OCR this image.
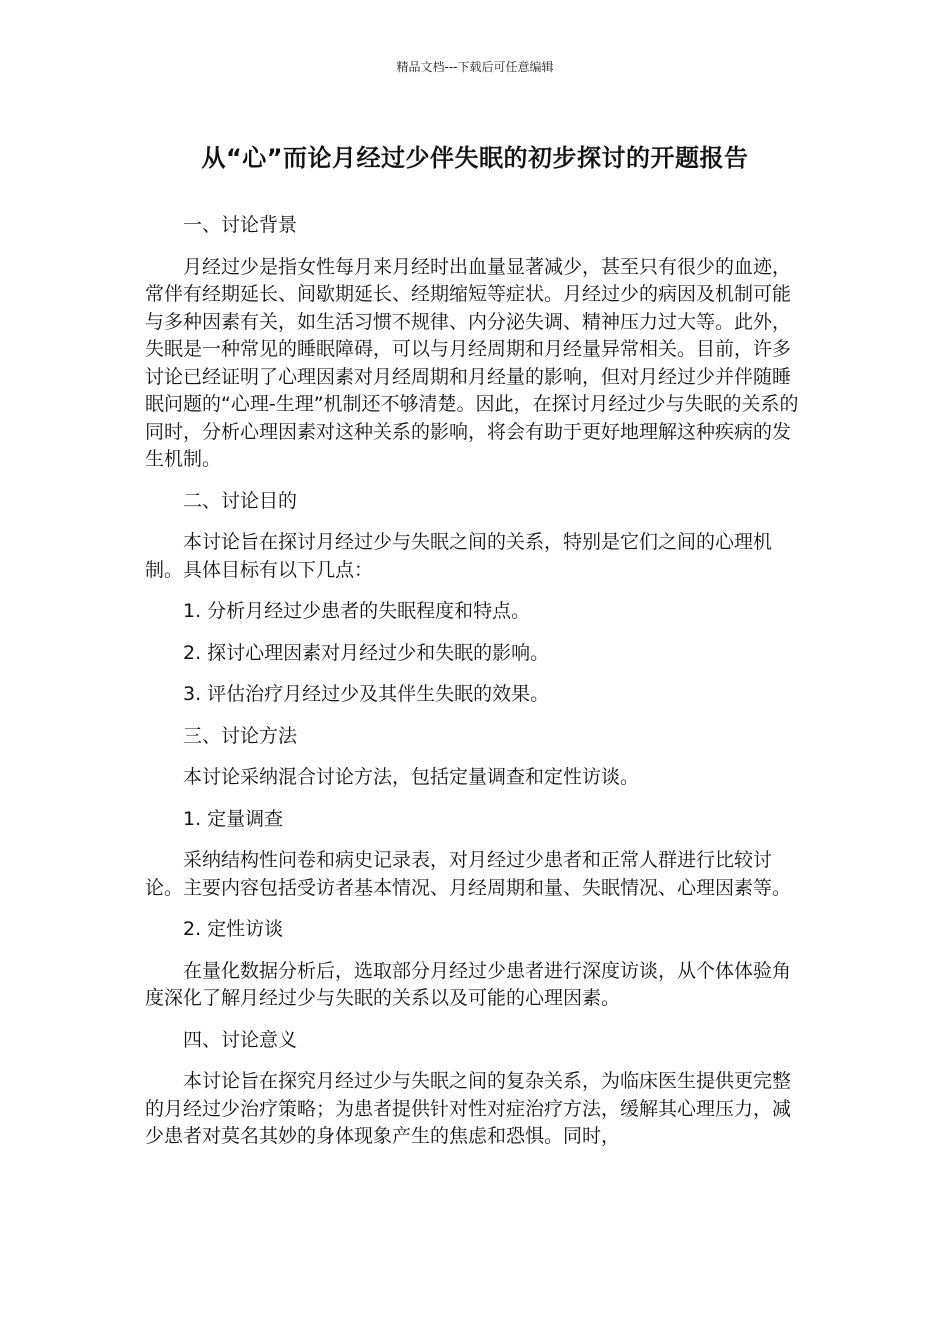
精品文档---下载后可任意编辑
从“心”而论月经过少伴失眠的初步探讨的开题报告

一、讨论背景

月经过少是指女性每月来月经时出血量显著减少，甚至只有很少的血迹，常伴有经期延长、间歇期延长、经期缩短等症状。月经过少的病因及机制可能与多种因素有关，如生活习惯不规律、内分泌失调、精神压力过大等。此外，失眠是一种常见的睡眠障碍，可以与月经周期和月经量异常相关。目前，许多讨论已经证明了心理因素对月经周期和月经量的影响，但对月经过少并伴随睡眠问题的“心理-生理”机制还不够清楚。因此，在探讨月经过少与失眠的关系的同时，分析心理因素对这种关系的影响，将会有助于更好地理解这种疾病的发生机制。

二、讨论目的

本讨论旨在探讨月经过少与失眠之间的关系，特别是它们之间的心理机制。具体目标有以下几点：

1. 分析月经过少患者的失眠程度和特点。

2. 探讨心理因素对月经过少和失眠的影响。

3. 评估治疗月经过少及其伴生失眠的效果。

三、讨论方法

本讨论采纳混合讨论方法，包括定量调查和定性访谈。

1. 定量调查

采纳结构性问卷和病史记录表，对月经过少患者和正常人群进行比较讨论。主要内容包括受访者基本情况、月经周期和量、失眠情况、心理因素等。

2. 定性访谈

在量化数据分析后，选取部分月经过少患者进行深度访谈，从个体体验角度深化了解月经过少与失眠的关系以及可能的心理因素。

四、讨论意义

本讨论旨在探究月经过少与失眠之间的复杂关系，为临床医生提供更完整的月经过少治疗策略；为患者提供针对性对症治疗方法，缓解其心理压力，减少患者对莫名其妙的身体现象产生的焦虑和恐惧。同时，
